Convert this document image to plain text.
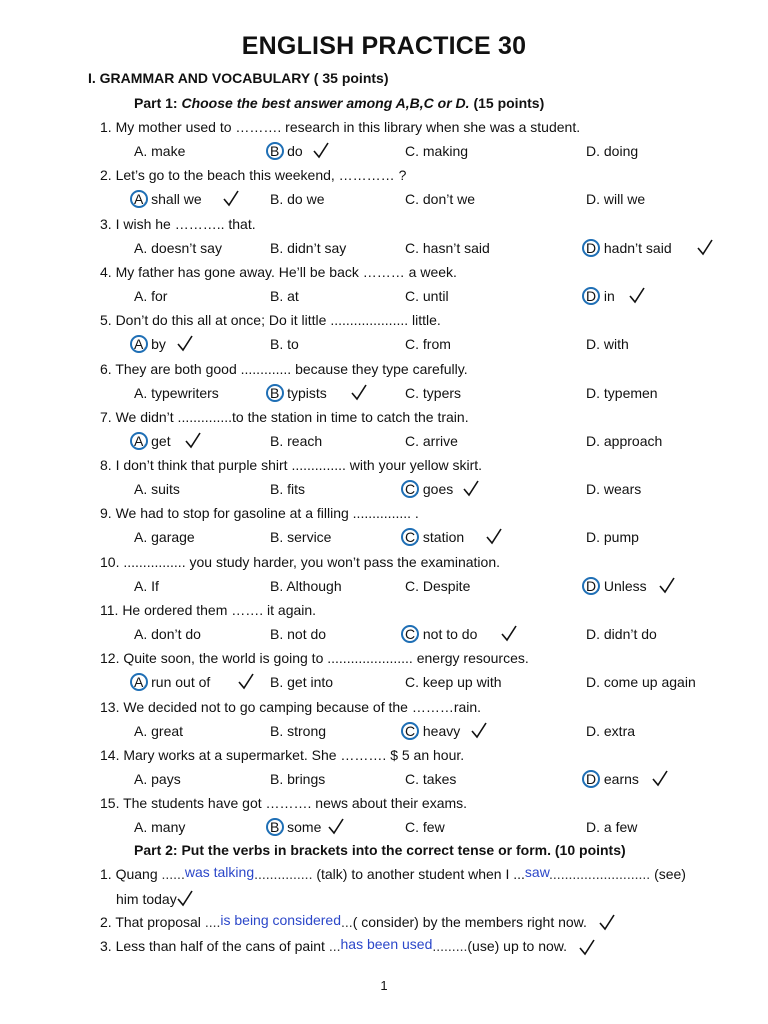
ENGLISH PRACTICE 30
I. GRAMMAR AND VOCABULARY ( 35 points)
Part 1: Choose the best answer among A,B,C or D. (15 points)
1. My mother used to ………. research in this library when she was a student.
A. make	B. do	C. making	D. doing
2. Let’s go to the beach this weekend, ………… ?
A. shall we	B. do we	C. don’t we	D. will we
3. I wish he ……….. that.
A. doesn’t say	B. didn’t say	C. hasn’t said	D. hadn’t said
4. My father has gone away. He’ll be back ……… a week.
A. for	B. at	C. until	D. in
5. Don’t do this all at once; Do it little .................... little.
A. by	B. to	C. from	D. with
6. They are both good ............. because they type carefully.
A. typewriters	B. typists	C. typers	D. typemen
7. We didn’t ..............to the station in time to catch the train.
A. get	B. reach	C. arrive	D. approach
8. I don’t think that purple shirt .............. with your yellow skirt.
A. suits	B. fits	C. goes	D. wears
9. We had to stop for gasoline at a filling ............... .
A. garage	B. service	C. station	D. pump
10. ................ you study harder, you won’t pass the examination.
A. If	B. Although	C. Despite	D. Unless
11. He ordered them ……. it again.
A. don’t do	B. not do	C. not to do	D. didn’t do
12. Quite soon, the world is going to ...................... energy resources.
A. run out of	B. get into	C. keep up with	D. come up again
13. We decided not to go camping because of the ………rain.
A. great	B. strong	C. heavy	D. extra
14. Mary works at a supermarket. She ………. $ 5 an hour.
A. pays	B. brings	C. takes	D. earns
15. The students have got ………. news about their exams.
A. many	B. some	C. few	D. a few
Part 2: Put the verbs in brackets into the correct tense or form. (10 points)
1. Quang ......was talking............... (talk) to another student when I ...saw.......................... (see)
him today
2. That proposal ....is being considered...( consider) by the members right now.
3. Less than half of the cans of paint ...has been used.........(use) up to now.
1
